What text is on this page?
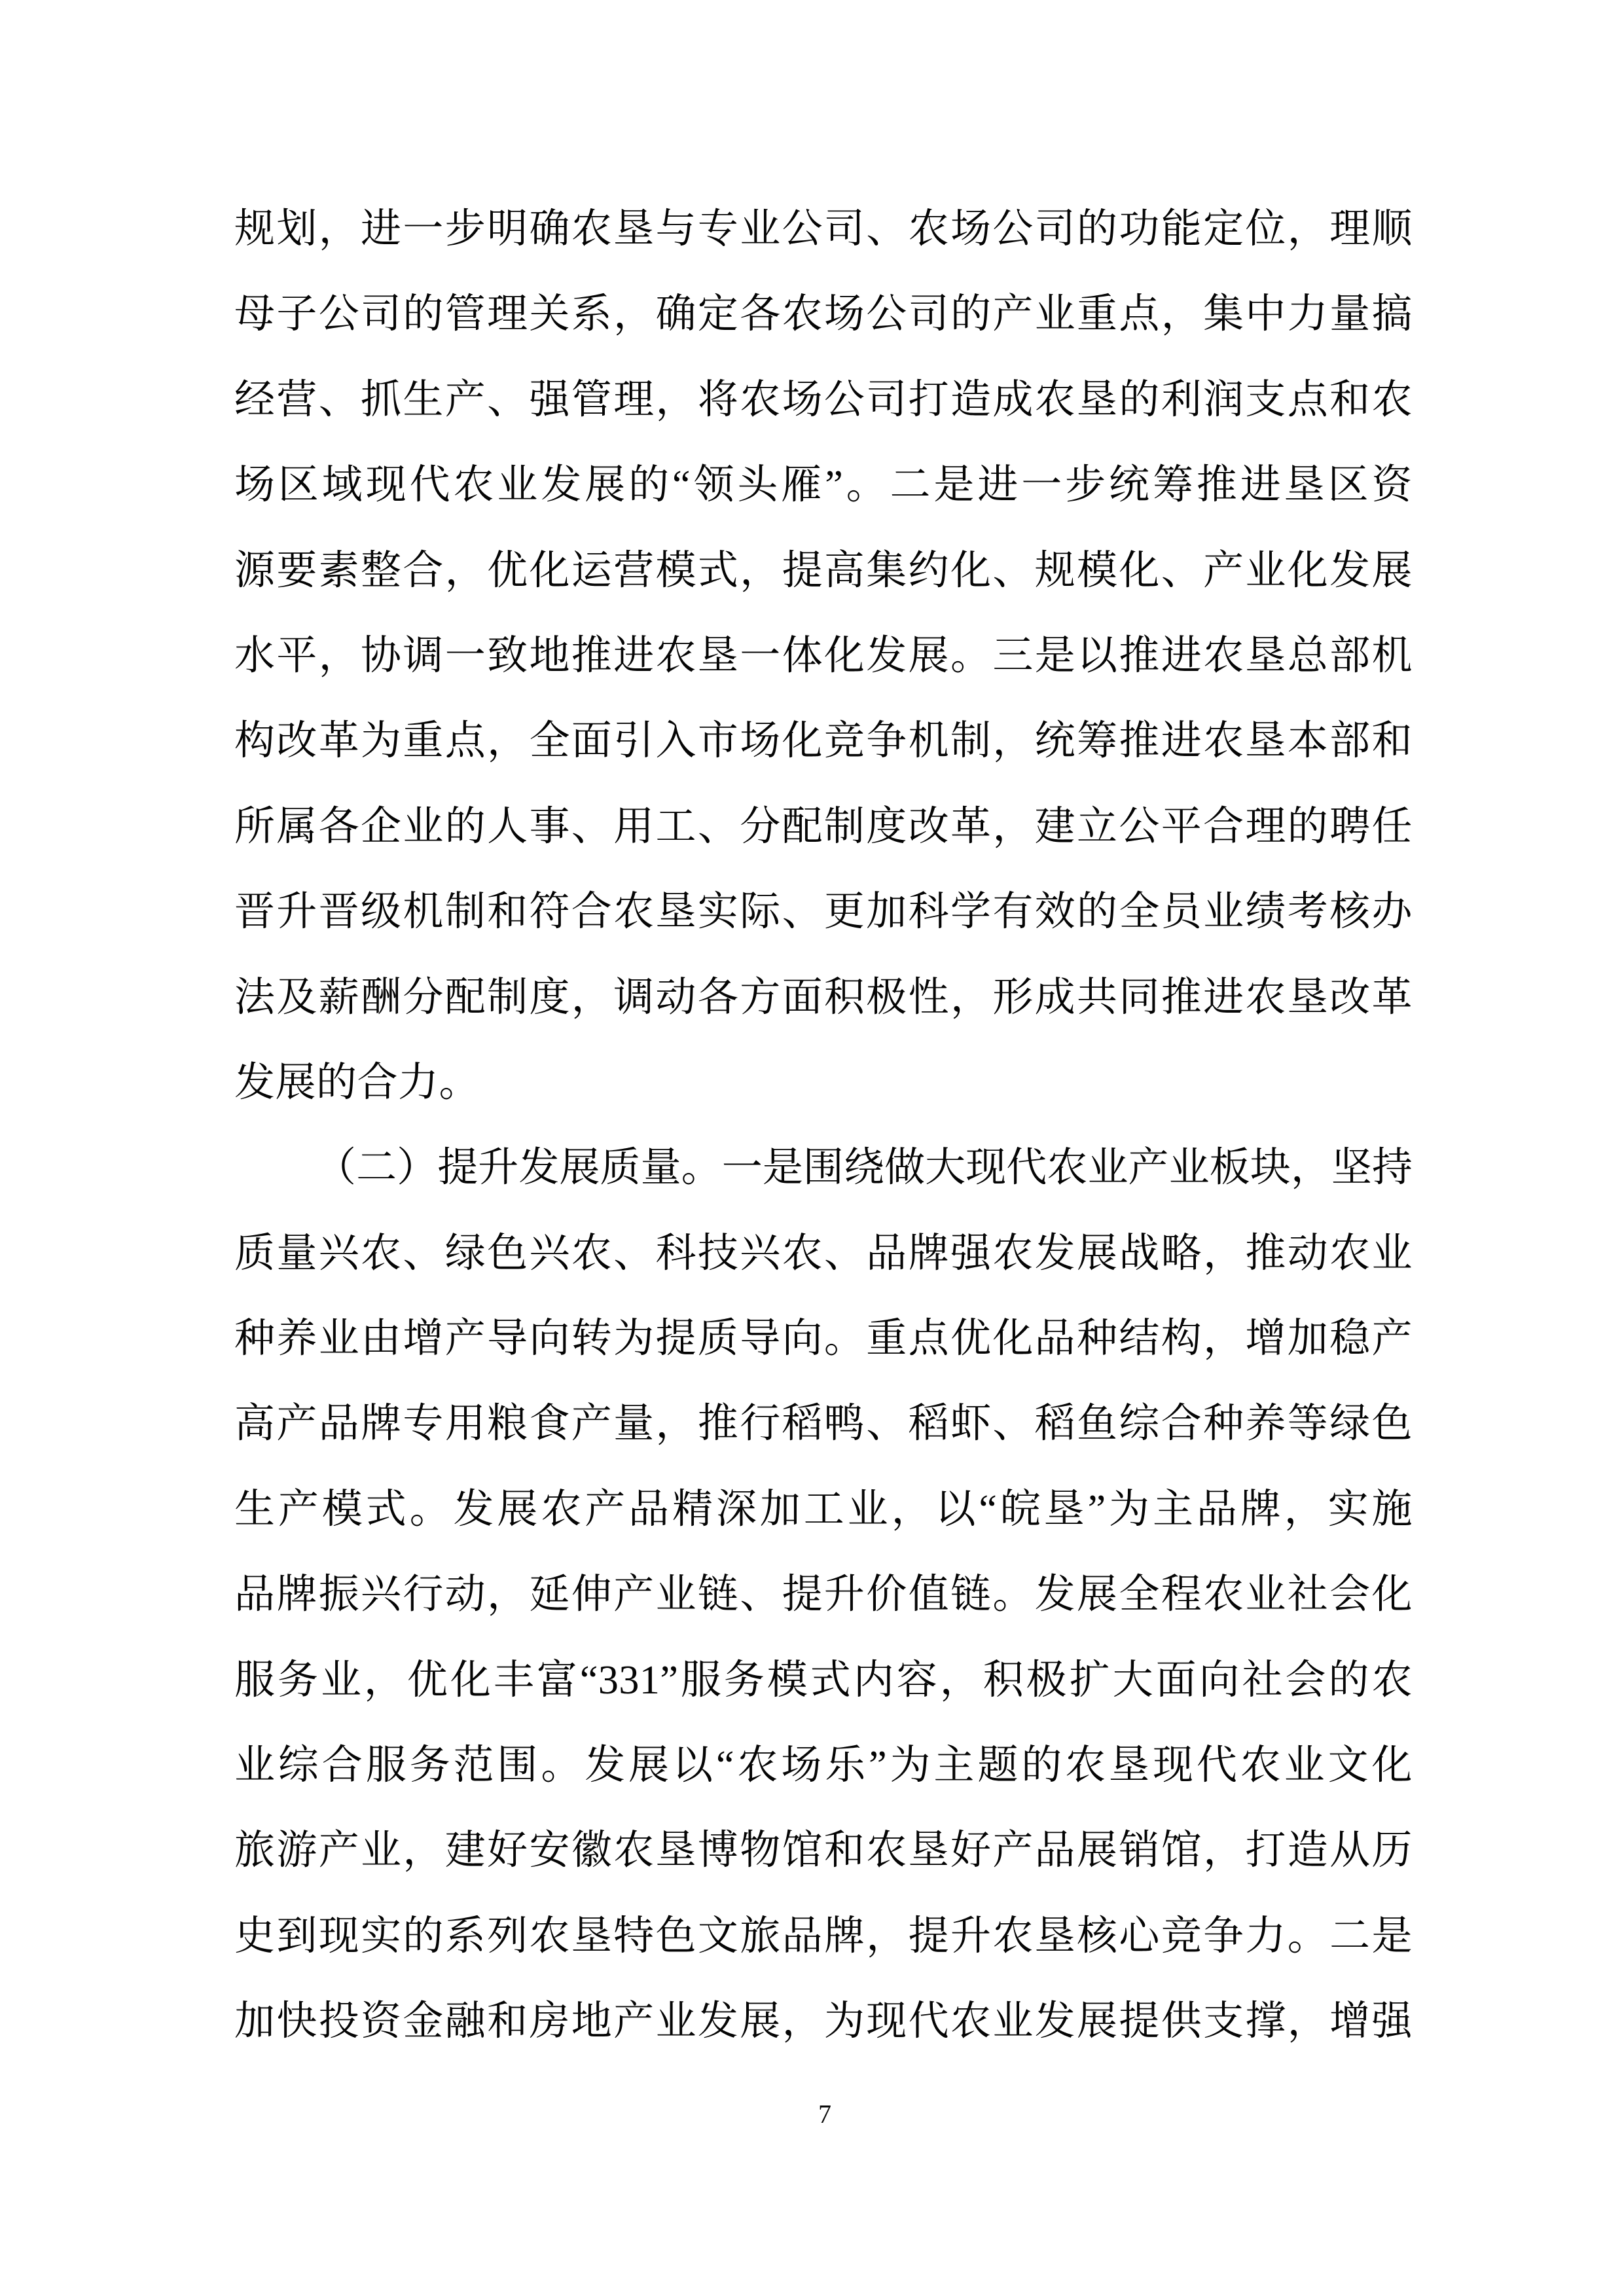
规划，进一步明确农垦与专业公司、农场公司的功能定位，理顺
母子公司的管理关系，确定各农场公司的产业重点，集中力量搞
经营、抓生产、强管理，将农场公司打造成农垦的利润支点和农
场区域现代农业发展的“领头雁”。二是进一步统筹推进垦区资
源要素整合，优化运营模式，提高集约化、规模化、产业化发展
水平，协调一致地推进农垦一体化发展。三是以推进农垦总部机
构改革为重点，全面引入市场化竞争机制，统筹推进农垦本部和
所属各企业的人事、用工、分配制度改革，建立公平合理的聘任
晋升晋级机制和符合农垦实际、更加科学有效的全员业绩考核办
法及薪酬分配制度，调动各方面积极性，形成共同推进农垦改革
发展的合力。
（二）提升发展质量。一是围绕做大现代农业产业板块，坚持
质量兴农、绿色兴农、科技兴农、品牌强农发展战略，推动农业
种养业由增产导向转为提质导向。重点优化品种结构，增加稳产
高产品牌专用粮食产量，推行稻鸭、稻虾、稻鱼综合种养等绿色
生产模式。发展农产品精深加工业，以“皖垦”为主品牌，实施
品牌振兴行动，延伸产业链、提升价值链。发展全程农业社会化
服务业，优化丰富“331”服务模式内容，积极扩大面向社会的农
业综合服务范围。发展以“农场乐”为主题的农垦现代农业文化
旅游产业，建好安徽农垦博物馆和农垦好产品展销馆，打造从历
史到现实的系列农垦特色文旅品牌，提升农垦核心竞争力。二是
加快投资金融和房地产业发展，为现代农业发展提供支撑，增强
7
